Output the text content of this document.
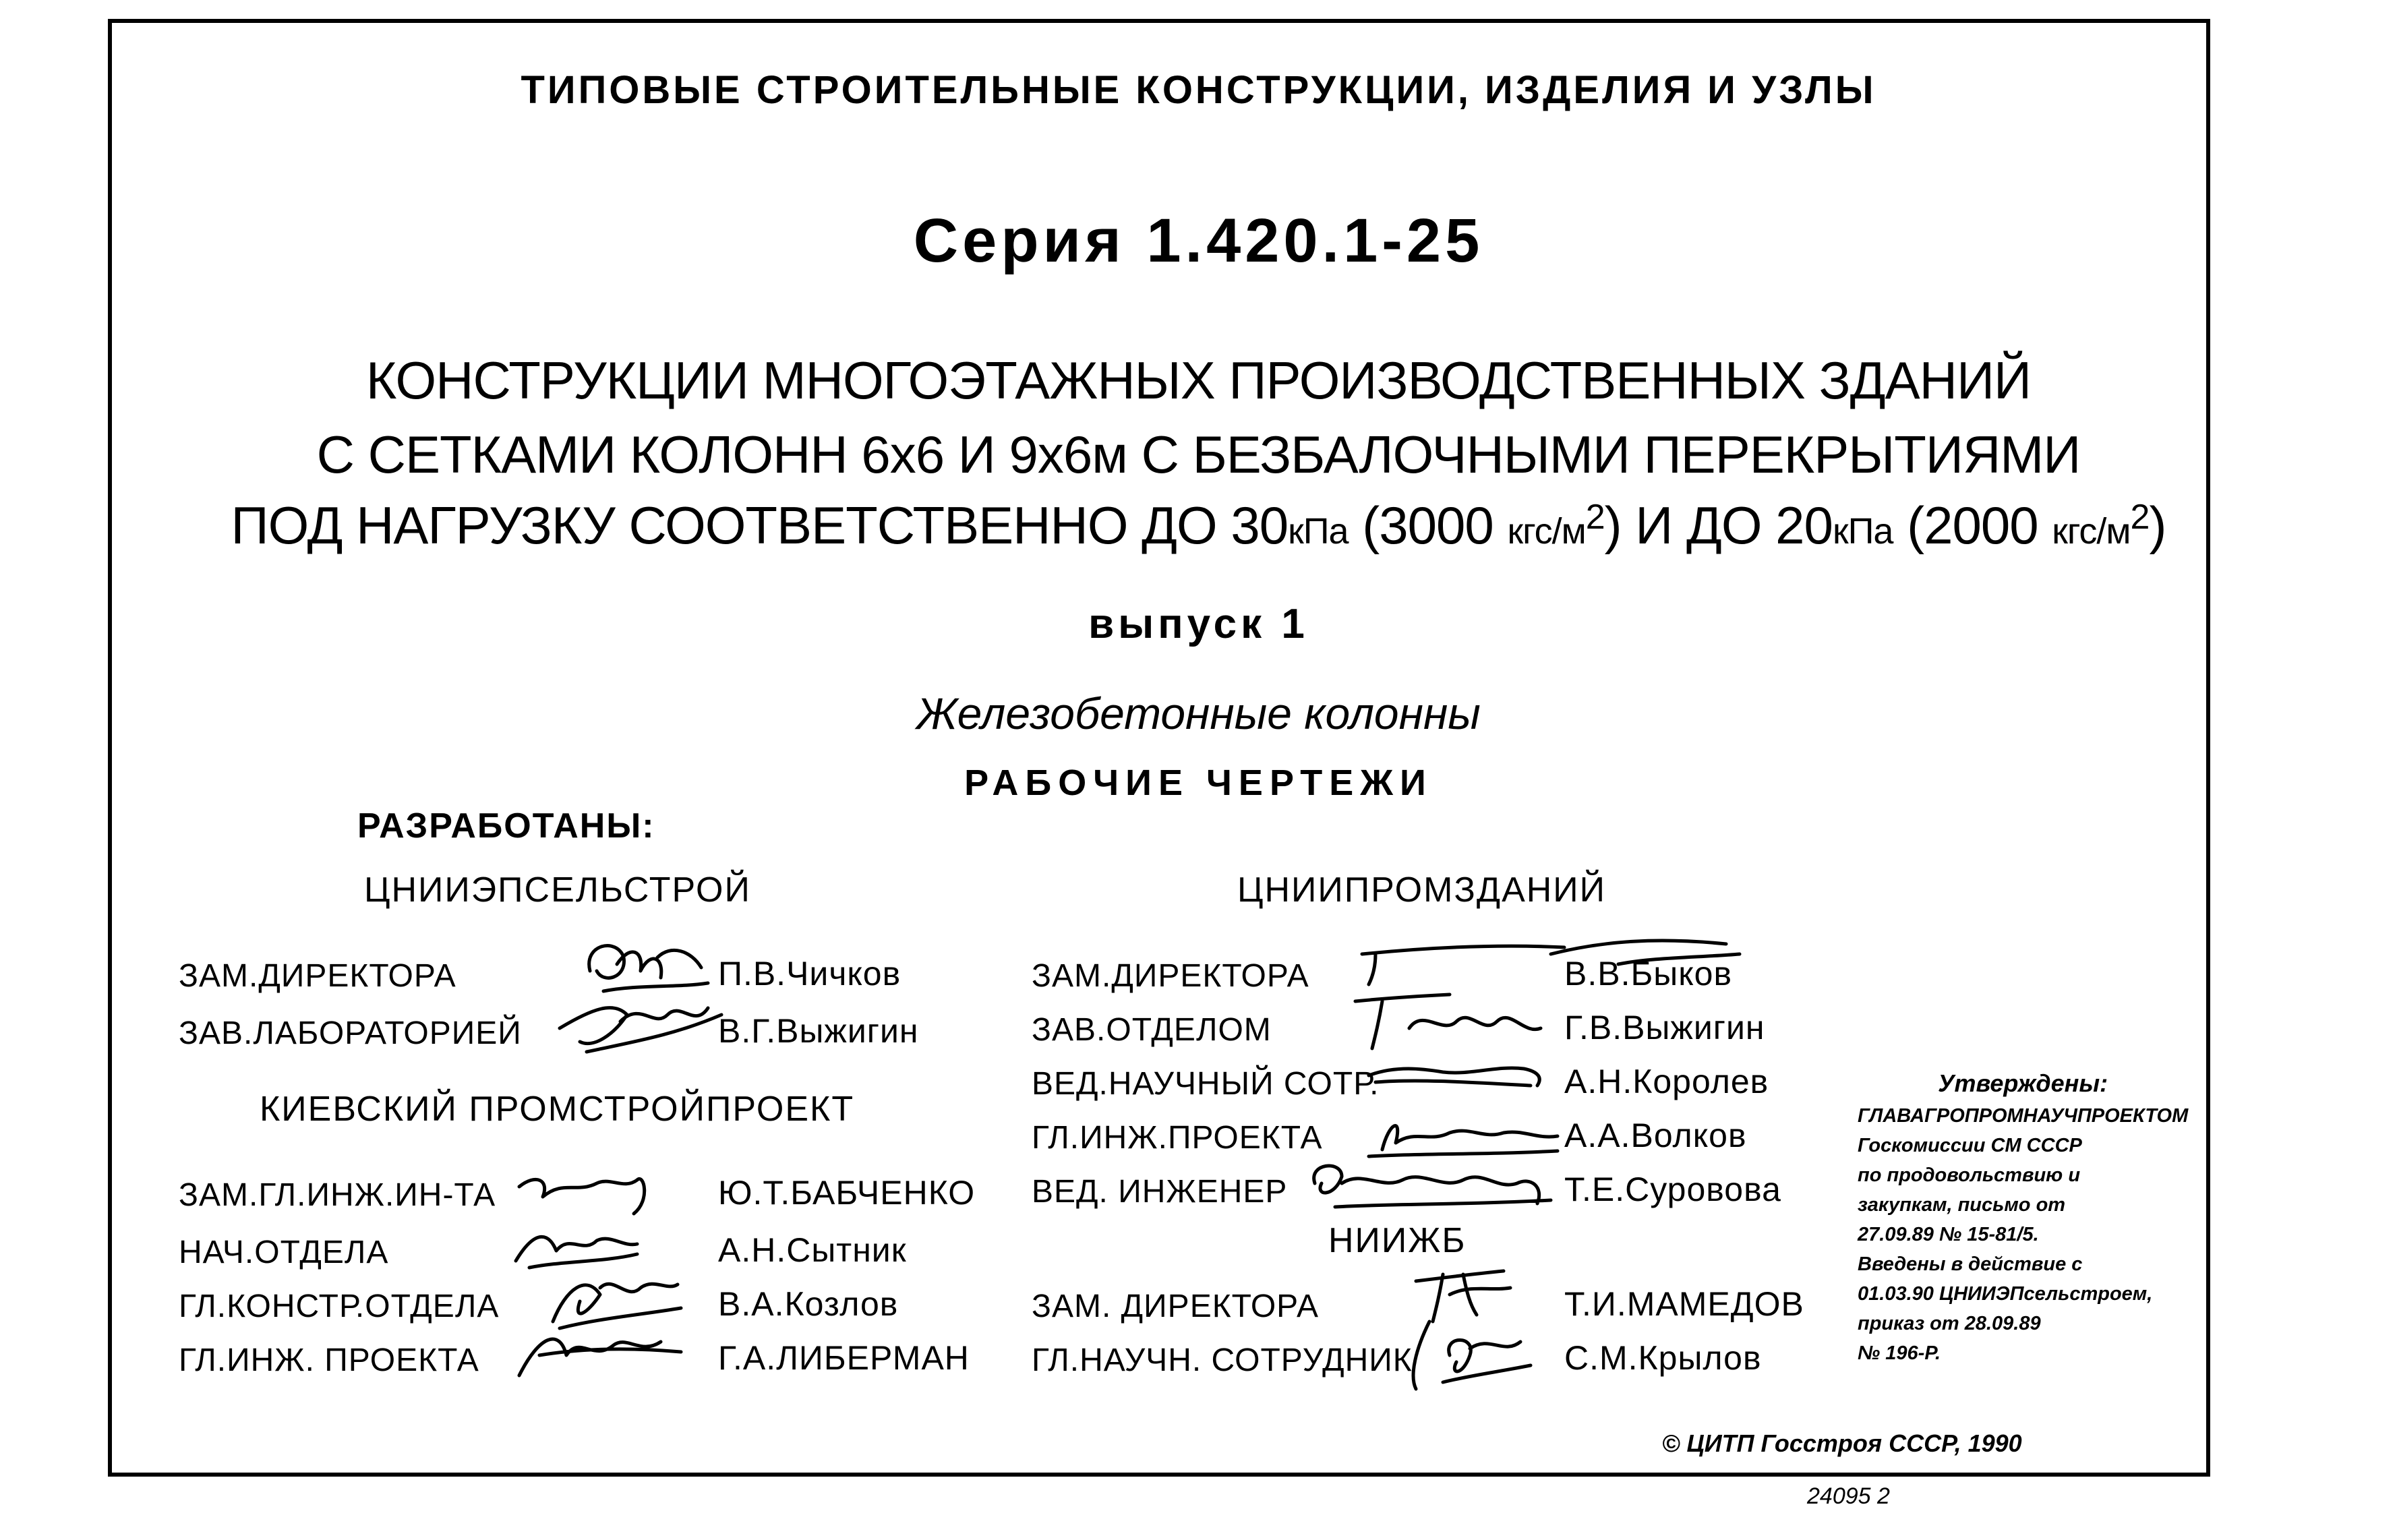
ТИПОВЫЕ СТРОИТЕЛЬНЫЕ КОНСТРУКЦИИ, ИЗДЕЛИЯ И УЗЛЫ
Серия 1.420.1-25
КОНСТРУКЦИИ МНОГОЭТАЖНЫХ ПРОИЗВОДСТВЕННЫХ ЗДАНИЙ
С СЕТКАМИ КОЛОНН 6х6 И 9х6м С БЕЗБАЛОЧНЫМИ ПЕРЕКРЫТИЯМИ
ПОД НАГРУЗКУ СООТВЕТСТВЕННО ДО 30кПа (3000 кгс/$м^2$) И ДО 20кПа (2000 кгс/$м^2$)
выпуск 1
Железобетонные колонны
РАБОЧИЕ ЧЕРТЕЖИ
РАЗРАБОТАНЫ:
ЦНИИЭПСЕЛЬСТРОЙ
ЗАМ.ДИРЕКТОРА	П.В.Чичков
ЗАВ.ЛАБОРАТОРИЕЙ	В.Г.Выжигин
КИЕВСКИЙ ПРОМСТРОЙПРОЕКТ
ЗАМ.ГЛ.ИНЖ.ИН-ТА	Ю.Т.БАБЧЕНКО
НАЧ.ОТДЕЛА	А.Н.Сытник
ГЛ.КОНСТР.ОТДЕЛА	В.А.Козлов
ГЛ.ИНЖ. ПРОЕКТА	Г.А.ЛИБЕРМАН
ЦНИИПРОМЗДАНИЙ
ЗАМ.ДИРЕКТОРА	В.В.Быков
ЗАВ.ОТДЕЛОМ	Г.В.Выжигин
ВЕД.НАУЧНЫЙ СОТР.	А.Н.Королев
ГЛ.ИНЖ.ПРОЕКТА	А.А.Волков
ВЕД. ИНЖЕНЕР	Т.Е.Суровова
НИИЖБ
ЗАМ. ДИРЕКТОРА	Т.И.МАМЕДОВ
ГЛ.НАУЧН. СОТРУДНИК	С.М.Крылов
Утверждены:
ГЛАВАГРОПРОМНАУЧПРОЕКТОМ
Госкомиссии СМ СССР
по продовольствию и
закупкам, письмо от
27.09.89 № 15-81/5.
Введены в действие с
01.03.90 ЦНИИЭПсельстроем,
приказ от 28.09.89
№ 196-Р.
© ЦИТП Госстроя СССР, 1990
24095 2
